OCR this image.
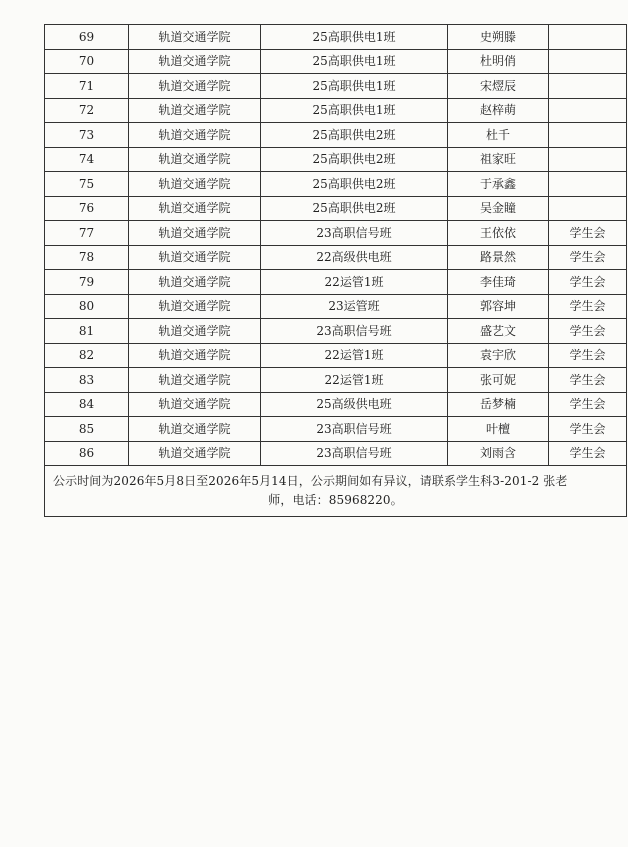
69	轨道交通学院	25高职供电1班	史朔滕	
70	轨道交通学院	25高职供电1班	杜明俏	
71	轨道交通学院	25高职供电1班	宋熤辰	
72	轨道交通学院	25高职供电1班	赵梓萌	
73	轨道交通学院	25高职供电2班	杜千	
74	轨道交通学院	25高职供电2班	祖家旺	
75	轨道交通学院	25高职供电2班	于承鑫	
76	轨道交通学院	25高职供电2班	吴金瞳	
77	轨道交通学院	23高职信号班	王依依	学生会
78	轨道交通学院	22高级供电班	路景然	学生会
79	轨道交通学院	22运管1班	李佳琦	学生会
80	轨道交通学院	23运管班	郭容坤	学生会
81	轨道交通学院	23高职信号班	盛艺文	学生会
82	轨道交通学院	22运管1班	袁宇欣	学生会
83	轨道交通学院	22运管1班	张可妮	学生会
84	轨道交通学院	25高级供电班	岳梦楠	学生会
85	轨道交通学院	23高职信号班	叶檀	学生会
86	轨道交通学院	23高职信号班	刘雨含	学生会
公示时间为2026年5月8日至2026年5月14日，公示期间如有异议，请联系学生科3-201-2 张老
师，电话：85968220。				
